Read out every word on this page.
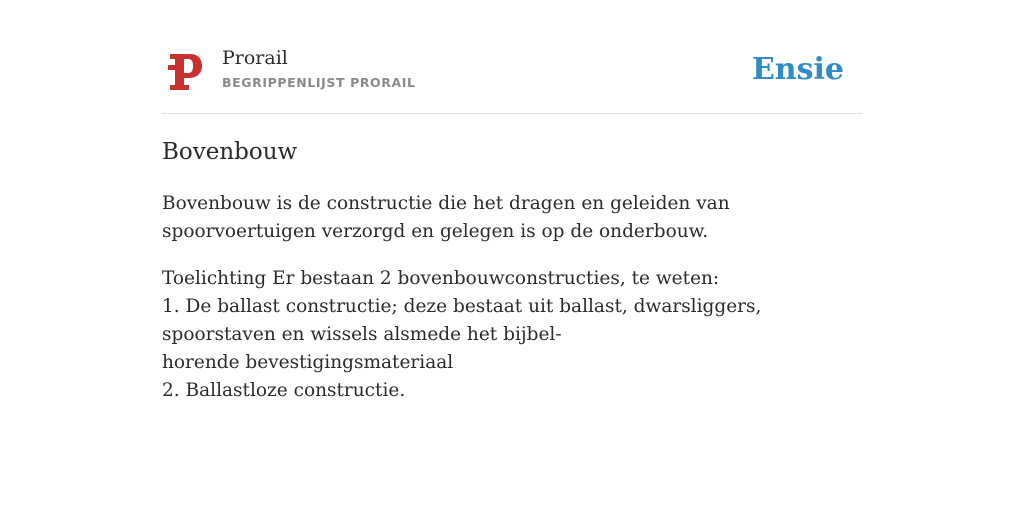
Prorail
BEGRIPPENLIJST PRORAIL	Ensie
Bovenbouw

Bovenbouw is de constructie die het dragen en geleiden van spoorvoertuigen verzorgd en gelegen is op de onderbouw.

Toelichting Er bestaan 2 bovenbouwconstructies, te weten:
1. De ballast constructie; deze bestaat uit ballast, dwarsliggers, spoorstaven en wissels alsmede het bijbel-
horende bevestigingsmateriaal
2. Ballastloze constructie.
